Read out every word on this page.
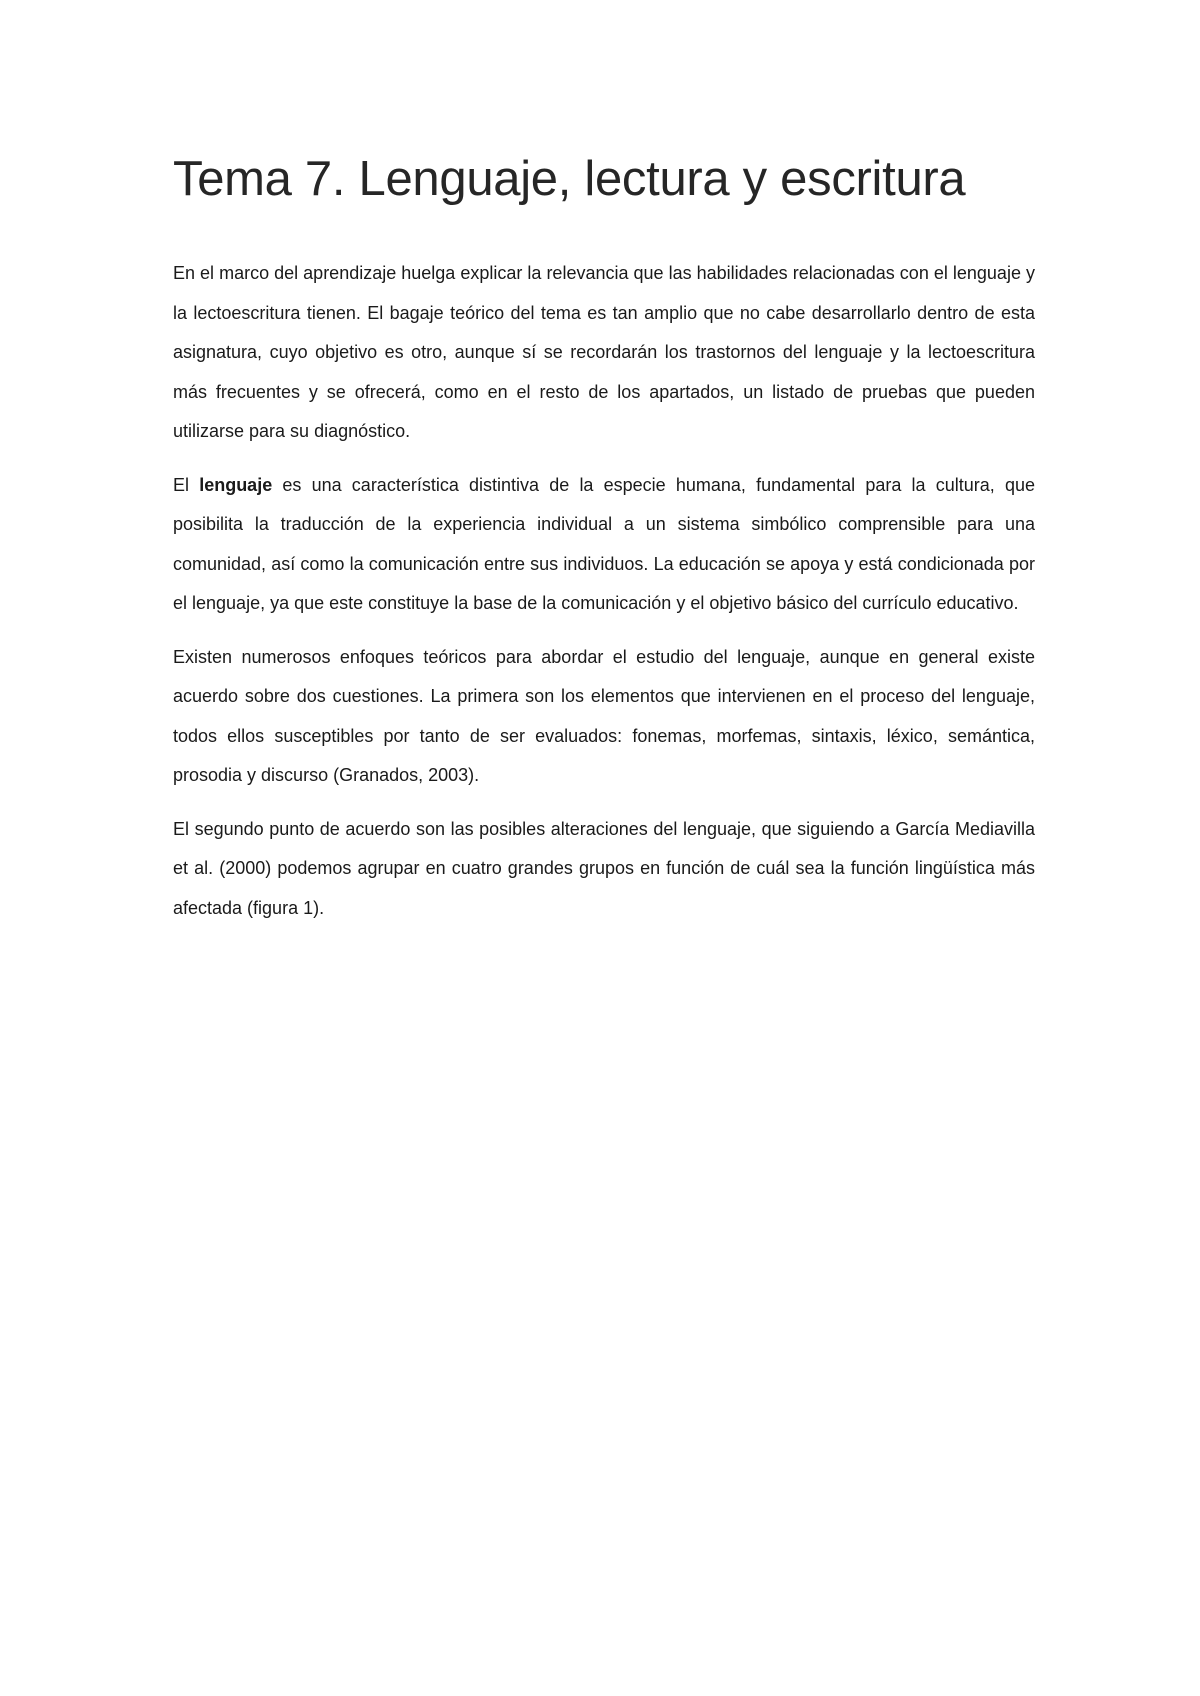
Tema 7. Lenguaje, lectura y escritura

En el marco del aprendizaje huelga explicar la relevancia que las habilidades relacionadas con el lenguaje y la lectoescritura tienen. El bagaje teórico del tema es tan amplio que no cabe desarrollarlo dentro de esta asignatura, cuyo objetivo es otro, aunque sí se recordarán los trastornos del lenguaje y la lectoescritura más frecuentes y se ofrecerá, como en el resto de los apartados, un listado de pruebas que pueden utilizarse para su diagnóstico.

El lenguaje es una característica distintiva de la especie humana, fundamental para la cultura, que posibilita la traducción de la experiencia individual a un sistema simbólico comprensible para una comunidad, así como la comunicación entre sus individuos. La educación se apoya y está condicionada por el lenguaje, ya que este constituye la base de la comunicación y el objetivo básico del currículo educativo.

Existen numerosos enfoques teóricos para abordar el estudio del lenguaje, aunque en general existe acuerdo sobre dos cuestiones. La primera son los elementos que intervienen en el proceso del lenguaje, todos ellos susceptibles por tanto de ser evaluados: fonemas, morfemas, sintaxis, léxico, semántica, prosodia y discurso (Granados, 2003).

El segundo punto de acuerdo son las posibles alteraciones del lenguaje, que siguiendo a García Mediavilla et al. (2000) podemos agrupar en cuatro grandes grupos en función de cuál sea la función lingüística más afectada (figura 1).
